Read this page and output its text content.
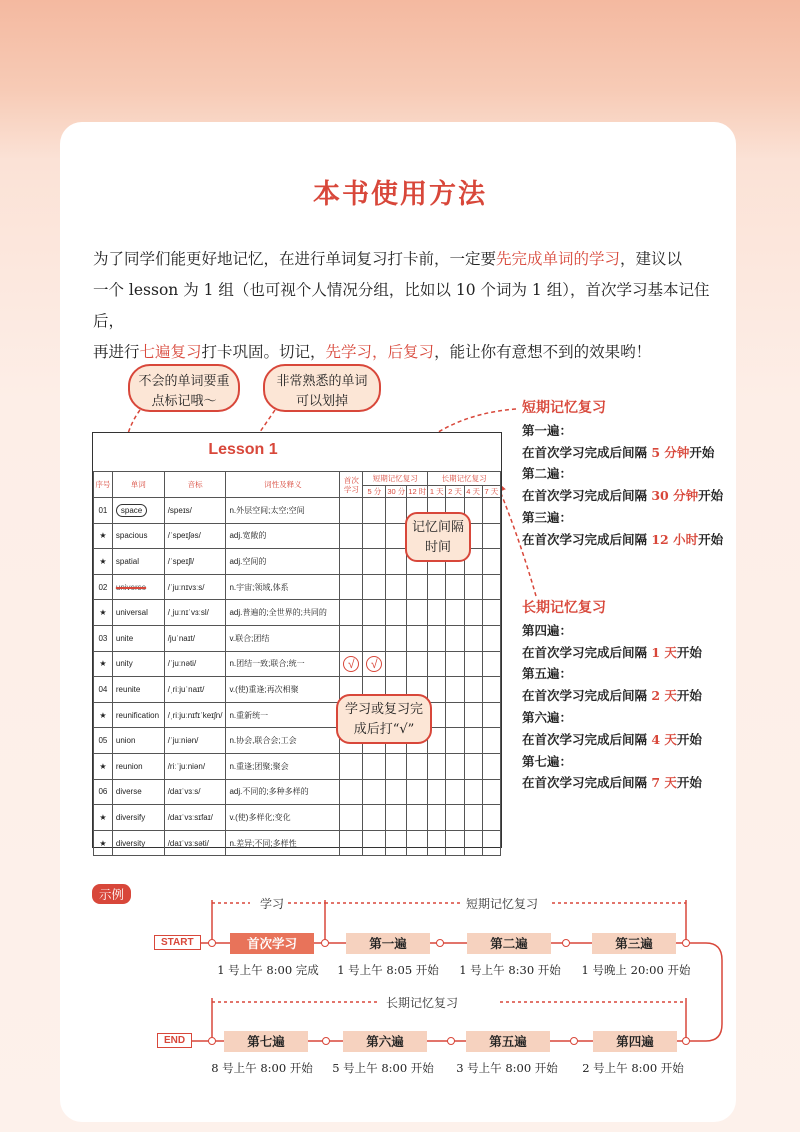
本书使用方法
为了同学们能更好地记忆，在进行单词复习打卡前，一定要先完成单词的学习，建议以
一个 lesson 为 1 组（也可视个人情况分组，比如以 10 个词为 1 组），首次学习基本记住后，
再进行七遍复习打卡巩固。切记，先学习，后复习，能让你有意想不到的效果哟！
不会的单词要重点标记哦～
非常熟悉的单词可以划掉
Lesson 1
序号	单词	音标	词性及释义	首次学习	短期记忆复习			长期记忆复习			
					5 分	30 分	12 时	1 天	2 天	4 天	7 天
01	space	/speɪs/	n.外层空间;太空;空间								
★	spacious	/ˈspeɪʃəs/	adj.宽敞的								
★	spatial	/ˈspeɪʃl/	adj.空间的								
02	universe	/ˈjuːnɪvɜːs/	n.宇宙;领域,体系								
★	universal	/ˌjuːnɪˈvɜːsl/	adj.普遍的;全世界的;共同的								
03	unite	/juˈnaɪt/	v.联合;团结								
★	unity	/ˈjuːnəti/	n.团结一致;联合;统一	√	√						
04	reunite	/ˌriːjuˈnaɪt/	v.(使)重逢;再次相聚								
★	reunification	/ˌriːjuːnɪfɪˈkeɪʃn/	n.重新统一								
05	union	/ˈjuːniən/	n.协会,联合会;工会								
★	reunion	/riːˈjuːniən/	n.重逢;团聚;聚会								
06	diverse	/daɪˈvɜːs/	adj.不同的;多种多样的								
★	diversify	/daɪˈvɜːsɪfaɪ/	v.(使)多样化;变化								
★	diversity	/daɪˈvɜːsəti/	n.差异;不同;多样性								
记忆间隔时间
学习或复习完成后打“√”
短期记忆复习
第一遍：
在首次学习完成后间隔 5 分钟开始
第二遍：
在首次学习完成后间隔 30 分钟开始
第三遍：
在首次学习完成后间隔 12 小时开始
长期记忆复习
第四遍：
在首次学习完成后间隔 1 天开始
第五遍：
在首次学习完成后间隔 2 天开始
第六遍：
在首次学习完成后间隔 4 天开始
第七遍：
在首次学习完成后间隔 7 天开始
示例
START
END
学习	短期记忆复习
长期记忆复习
首次学习	第一遍	第二遍	第三遍
1 号上午 8:00 完成	1 号上午 8:05 开始	1 号上午 8:30 开始	1 号晚上 20:00 开始
第七遍	第六遍	第五遍	第四遍
8 号上午 8:00 开始	5 号上午 8:00 开始	3 号上午 8:00 开始	2 号上午 8:00 开始
